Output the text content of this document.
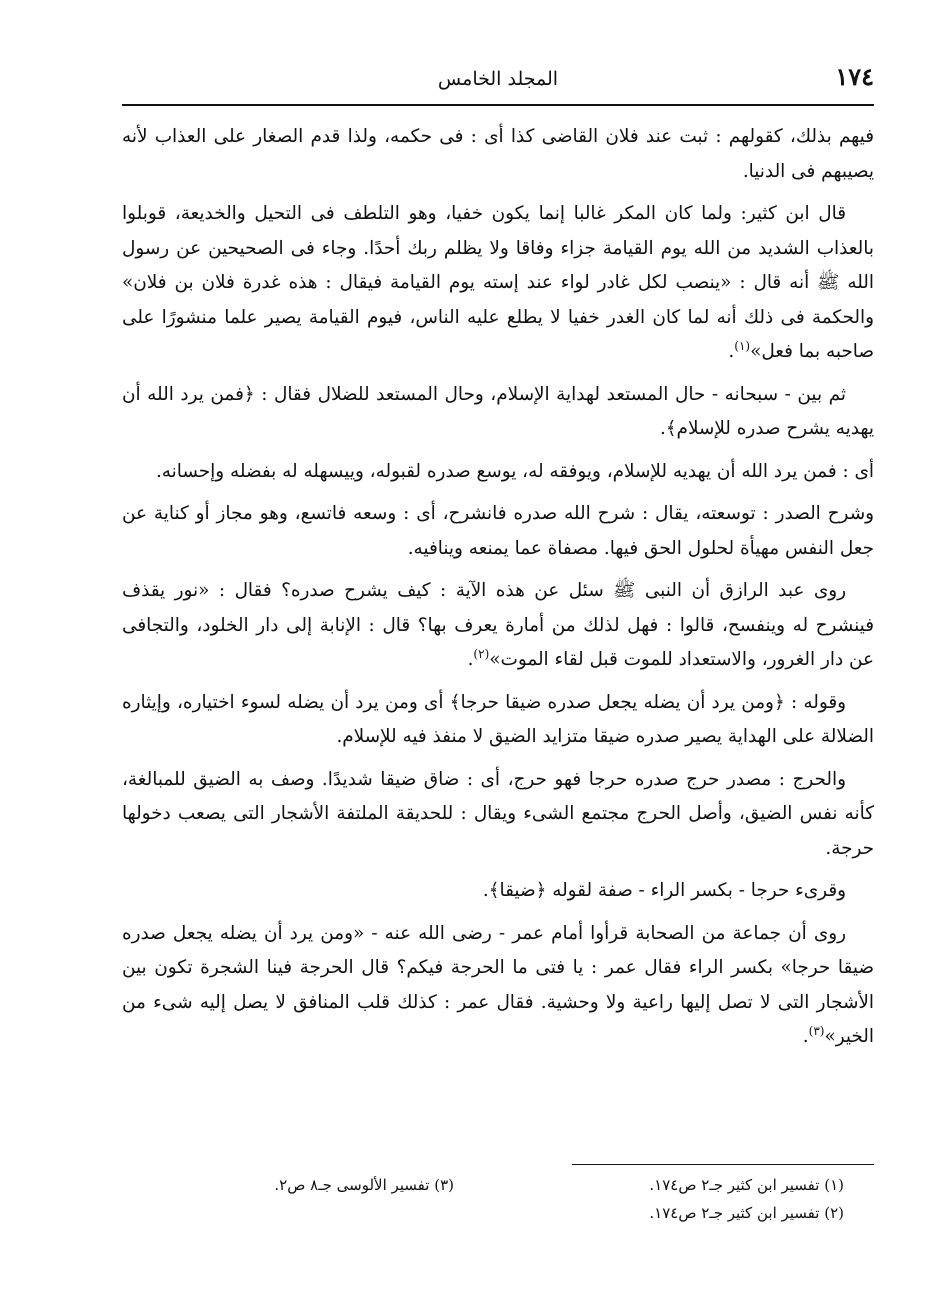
١٧٤
المجلد الخامس

فيهم بذلك، كقولهم : ثبت عند فلان القاضى كذا أى : فى حكمه، ولذا قدم الصغار على العذاب لأنه يصيبهم فى الدنيا.

قال ابن كثير: ولما كان المكر غالبا إنما يكون خفيا، وهو التلطف فى التحيل والخديعة، قوبلوا بالعذاب الشديد من الله يوم القيامة جزاء وفاقا ولا يظلم ربك أحدًا. وجاء فى الصحيحين عن رسول الله ﷺ أنه قال : «ينصب لكل غادر لواء عند إسته يوم القيامة فيقال : هذه غدرة فلان بن فلان» والحكمة فى ذلك أنه لما كان الغدر خفيا لا يطلع عليه الناس، فيوم القيامة يصير علما منشورًا على صاحبه بما فعل»$^{(١)}$.

ثم بين - سبحانه - حال المستعد لهداية الإسلام، وحال المستعد للضلال فقال : ﴿فمن يرد الله أن يهديه يشرح صدره للإسلام﴾.

أى : فمن يرد الله أن يهديه للإسلام، ويوفقه له، يوسع صدره لقبوله، وييسهله له بفضله وإحسانه.

وشرح الصدر : توسعته، يقال : شرح الله صدره فانشرح، أى : وسعه فاتسع، وهو مجاز أو كناية عن جعل النفس مهيأة لحلول الحق فيها. مصفاة عما يمنعه وينافيه.

روى عبد الرازق أن النبى ﷺ سئل عن هذه الآية : كيف يشرح صدره؟ فقال : «نور يقذف فينشرح له وينفسح، قالوا : فهل لذلك من أمارة يعرف بها؟ قال : الإنابة إلى دار الخلود، والتجافى عن دار الغرور، والاستعداد للموت قبل لقاء الموت»$^{(٢)}$.

وقوله : ﴿ومن يرد أن يضله يجعل صدره ضيقا حرجا﴾ أى ومن يرد أن يضله لسوء اختياره، وإيثاره الضلالة على الهداية يصير صدره ضيقا متزايد الضيق لا منفذ فيه للإسلام.

والحرج : مصدر حرج صدره حرجا فهو حرج، أى : ضاق ضيقا شديدًا. وصف به الضيق للمبالغة، كأنه نفس الضيق، وأصل الحرج مجتمع الشىء ويقال : للحديقة الملتفة الأشجار التى يصعب دخولها حرجة.

وقرىء حرجا - بكسر الراء - صفة لقوله ﴿ضيقا﴾.

روى أن جماعة من الصحابة قرأوا أمام عمر - رضى الله عنه - «ومن يرد أن يضله يجعل صدره ضيقا حرجا» بكسر الراء فقال عمر : يا فتى ما الحرجة فيكم؟ قال الحرجة فينا الشجرة تكون بين الأشجار التى لا تصل إليها راعية ولا وحشية. فقال عمر : كذلك قلب المنافق لا يصل إليه شىء من الخير»$^{(٣)}$.

(١) تفسير ابن كثير جـ٢ ص١٧٤.
(٢) تفسير ابن كثير جـ٢ ص١٧٤.
(٣) تفسير الألوسى جـ٨ ص٢.
